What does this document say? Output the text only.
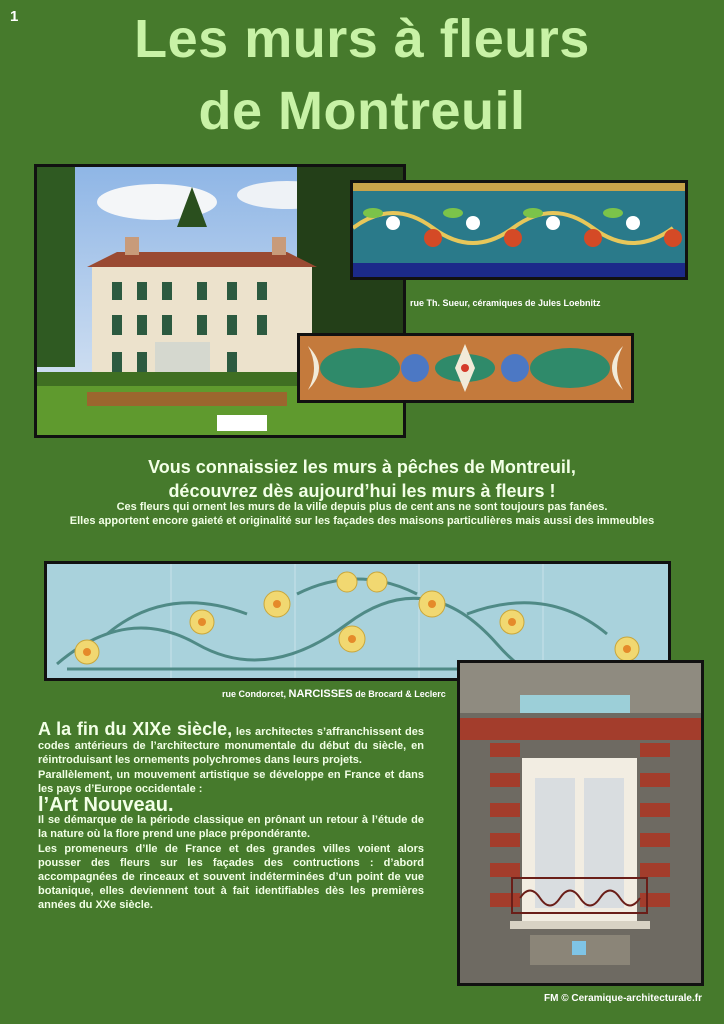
1	Les murs à fleurs
de Montreuil
rue Th. Sueur, céramiques de Jules Loebnitz
Vous connaissiez les murs à pêches de Montreuil,
découvrez dès aujourd’hui les murs à fleurs !
Ces fleurs qui ornent les murs de la ville depuis plus de cent ans ne sont toujours pas fanées.
Elles apportent encore gaieté et originalité sur les façades des maisons particulières mais aussi des immeubles
rue Condorcet, NARCISSES de Brocard & Leclerc

A la fin du XIXe siècle, les architectes s’affranchissent des codes antérieurs de l’architecture monumentale du début du siècle, en réintroduisant les ornements polychromes dans leurs projets.

Parallèlement, un mouvement artistique se développe en France et dans les pays d’Europe occidentale :

l’Art Nouveau.

Il se démarque de la période classique en prônant un retour à l’étude de la nature où la flore prend une place prépondérante.

Les promeneurs d’Ile de France et des grandes villes voient alors pousser des fleurs sur les façades des contructions : d’abord accompagnées de rinceaux et souvent indéterminées d’un point de vue botanique, elles deviennent tout à fait identifiables dès les premières années du XXe siècle.

FM © Ceramique-architecturale.fr
